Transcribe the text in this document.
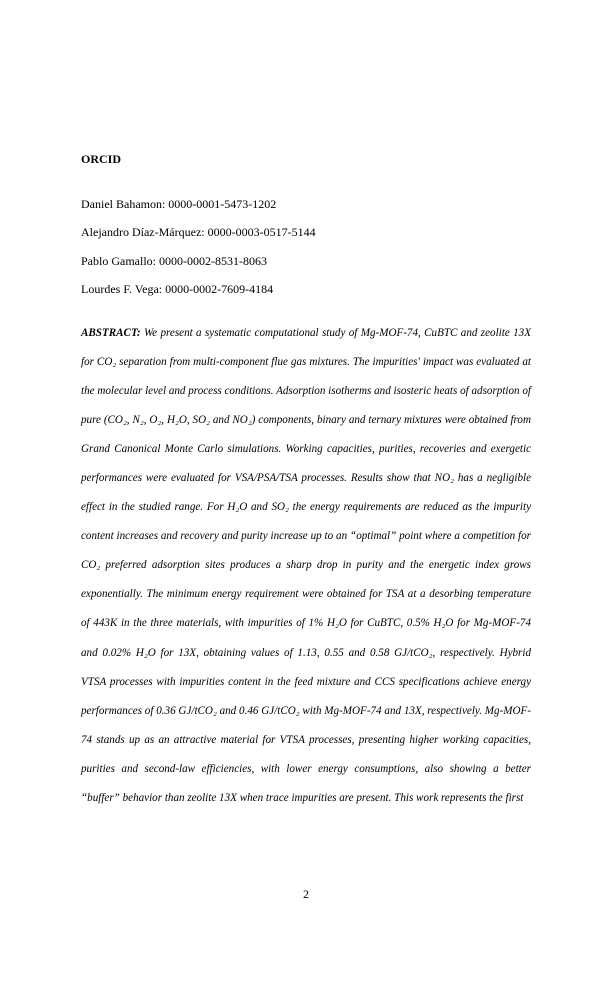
ORCID
Daniel Bahamon: 0000-0001-5473-1202
Alejandro Díaz-Márquez: 0000-0003-0517-5144
Pablo Gamallo: 0000-0002-8531-8063
Lourdes F. Vega: 0000-0002-7609-4184

ABSTRACT: We present a systematic computational study of Mg-MOF-74, CuBTC and zeolite 13X for CO₂ separation from multi-component flue gas mixtures. The impurities' impact was evaluated at the molecular level and process conditions. Adsorption isotherms and isosteric heats of adsorption of pure (CO₂, N₂, O₂, H₂O, SO₂ and NO₂) components, binary and ternary mixtures were obtained from Grand Canonical Monte Carlo simulations. Working capacities, purities, recoveries and exergetic performances were evaluated for VSA/PSA/TSA processes. Results show that NO₂ has a negligible effect in the studied range. For H₂O and SO₂ the energy requirements are reduced as the impurity content increases and recovery and purity increase up to an “optimal” point where a competition for CO₂ preferred adsorption sites produces a sharp drop in purity and the energetic index grows exponentially. The minimum energy requirement were obtained for TSA at a desorbing temperature of 443K in the three materials, with impurities of 1% H₂O for CuBTC, 0.5% H₂O for Mg-MOF-74 and 0.02% H₂O for 13X, obtaining values of 1.13, 0.55 and 0.58 GJ/tCO₂, respectively. Hybrid VTSA processes with impurities content in the feed mixture and CCS specifications achieve energy performances of 0.36 GJ/tCO₂ and 0.46 GJ/tCO₂ with Mg-MOF-74 and 13X, respectively. Mg-MOF-74 stands up as an attractive material for VTSA processes, presenting higher working capacities, purities and second-law efficiencies, with lower energy consumptions, also showing a better “buffer” behavior than zeolite 13X when trace impurities are present. This work represents the first

2
